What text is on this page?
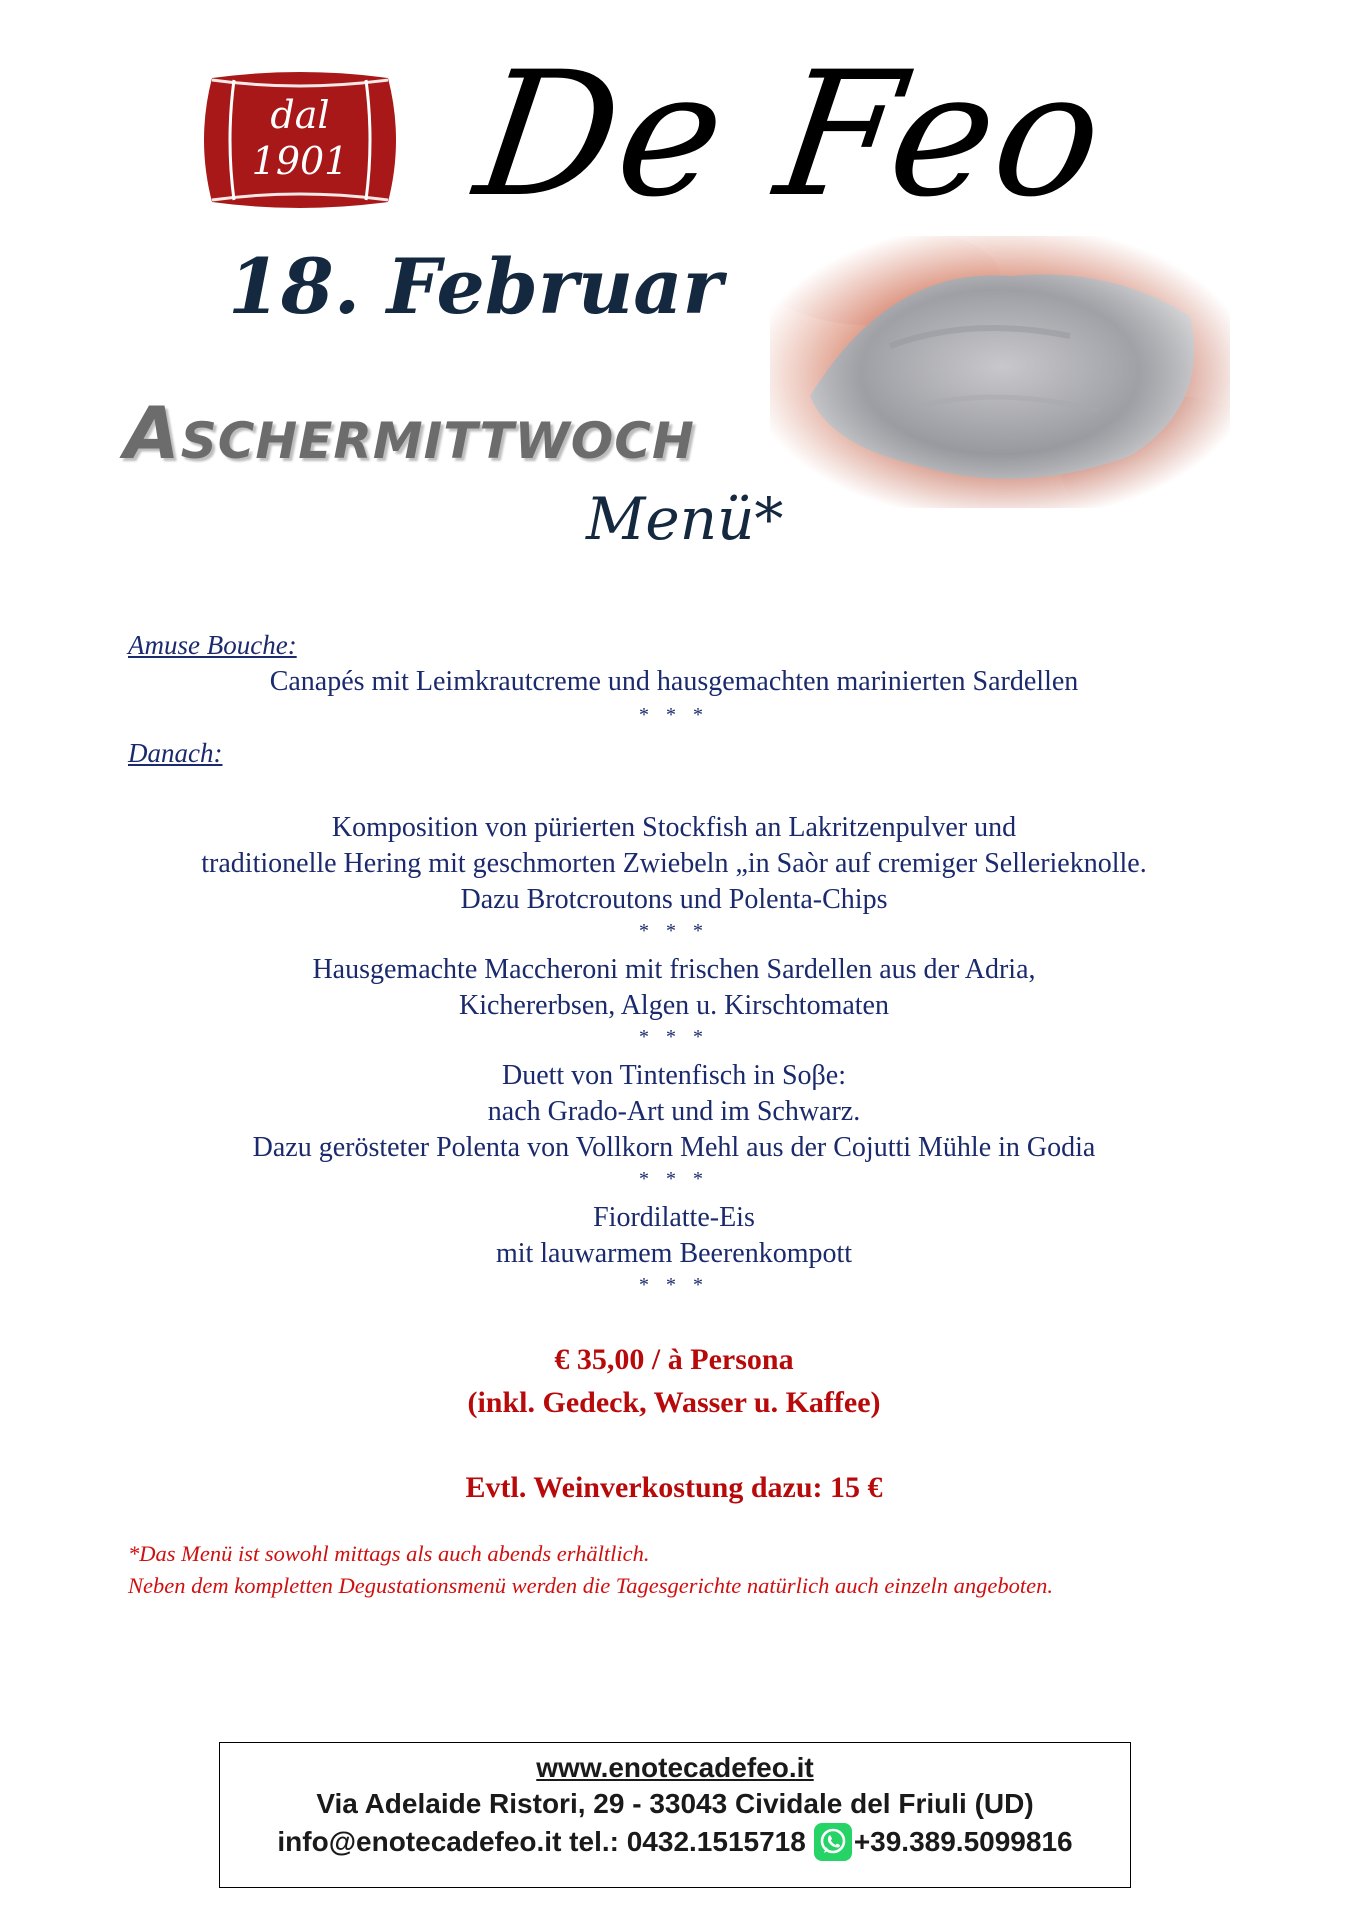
dal
1901 De Feo
18. Februar
Aschermittwoch
Menü*
Amuse Bouche:
Canapés mit Leimkrautcreme und hausgemachten marinierten Sardellen
* * *
Danach:
Komposition von pürierten Stockfish an Lakritzenpulver und
traditionelle Hering mit geschmorten Zwiebeln „in Saòr auf cremiger Sellerieknolle.
Dazu Brotcroutons und Polenta-Chips
* * *
Hausgemachte Maccheroni mit frischen Sardellen aus der Adria,
Kichererbsen, Algen u. Kirschtomaten
* * *
Duett von Tintenfisch in Soβe:
nach Grado-Art und im Schwarz.
Dazu gerösteter Polenta von Vollkorn Mehl aus der Cojutti Mühle in Godia
* * *
Fiordilatte-Eis
mit lauwarmem Beerenkompott
* * *
€ 35,00 / à Persona
(inkl. Gedeck, Wasser u. Kaffee)
Evtl. Weinverkostung dazu: 15 €
*Das Menü ist sowohl mittags als auch abends erhältlich.
Neben dem kompletten Degustationsmenü werden die Tagesgerichte natürlich auch einzeln angeboten.
www.enotecadefeo.it
Via Adelaide Ristori, 29 - 33043 Cividale del Friuli (UD)
info@enotecadefeo.it tel.: 0432.1515718 +39.389.5099816
